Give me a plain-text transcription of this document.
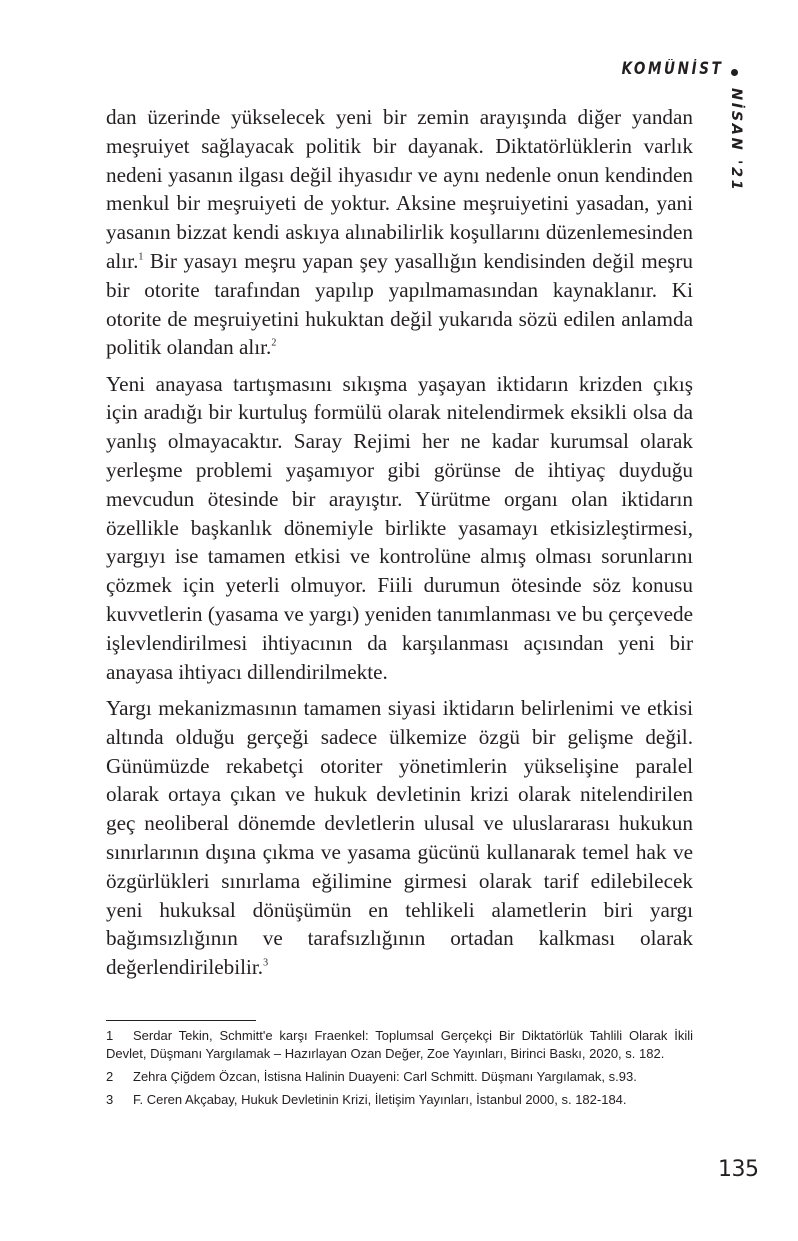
KOMÜNİST
NİSAN '21

dan üzerinde yükselecek yeni bir zemin arayışında diğer yandan meşruiyet sağlayacak politik bir dayanak. Diktatörlüklerin varlık nedeni yasanın ilgası değil ihyasıdır ve aynı nedenle onun kendinden menkul bir meşruiyeti de yoktur. Aksine meşruiyetini yasadan, yani yasanın bizzat kendi askıya alınabilirlik koşullarını düzenlemesinden alır.$^1$ Bir yasayı meşru yapan şey yasallığın kendisinden değil meşru bir otorite tarafından yapılıp yapılmamasından kaynaklanır. Ki otorite de meşruiyetini hukuktan değil yukarıda sözü edilen anlamda politik olandan alır.$^2$

Yeni anayasa tartışmasını sıkışma yaşayan iktidarın krizden çıkış için aradığı bir kurtuluş formülü olarak nitelendirmek eksikli olsa da yanlış olmayacaktır. Saray Rejimi her ne kadar kurumsal olarak yerleşme problemi yaşamıyor gibi görünse de ihtiyaç duyduğu mevcudun ötesinde bir arayıştır. Yürütme organı olan iktidarın özellikle başkanlık dönemiyle birlikte yasamayı etkisizleştirmesi, yargıyı ise tamamen etkisi ve kontrolüne almış olması sorunlarını çözmek için yeterli olmuyor. Fiili durumun ötesinde söz konusu kuvvetlerin (yasama ve yargı) yeniden tanımlanması ve bu çerçevede işlevlendirilmesi ihtiyacının da karşılanması açısından yeni bir anayasa ihtiyacı dillendirilmekte.

Yargı mekanizmasının tamamen siyasi iktidarın belirlenimi ve etkisi altında olduğu gerçeği sadece ülkemize özgü bir gelişme değil. Günümüzde rekabetçi otoriter yönetimlerin yükselişine paralel olarak ortaya çıkan ve hukuk devletinin krizi olarak nitelendirilen geç neoliberal dönemde devletlerin ulusal ve uluslararası hukukun sınırlarının dışına çıkma ve yasama gücünü kullanarak temel hak ve özgürlükleri sınırlama eğilimine girmesi olarak tarif edilebilecek yeni hukuksal dönüşümün en tehlikeli alametlerin biri yargı bağımsızlığının ve tarafsızlığının ortadan kalkması olarak değerlendirilebilir.$^3$

1 Serdar Tekin, Schmitt'e karşı Fraenkel: Toplumsal Gerçekçi Bir Diktatörlük Tahlili Olarak İkili Devlet, Düşmanı Yargılamak – Hazırlayan Ozan Değer, Zoe Yayınları, Birinci Baskı, 2020, s. 182.
2 Zehra Çiğdem Özcan, İstisna Halinin Duayeni: Carl Schmitt. Düşmanı Yargılamak, s.93.
3 F. Ceren Akçabay, Hukuk Devletinin Krizi, İletişim Yayınları, İstanbul 2000, s. 182-184.
135
